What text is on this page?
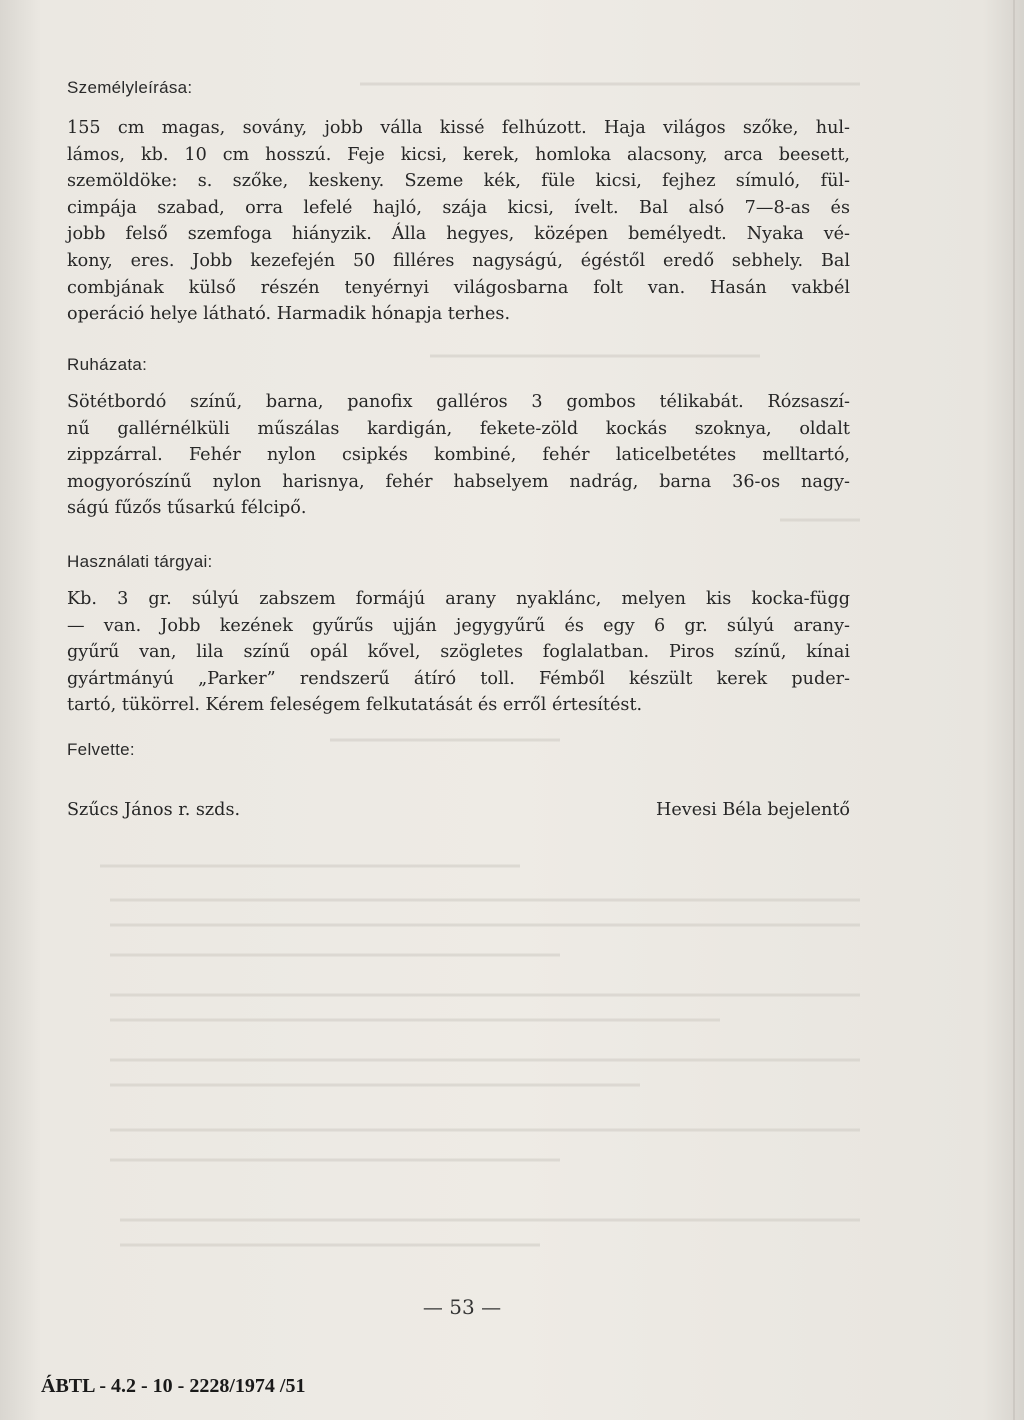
Személyleírása:
155 cm magas, sovány, jobb válla kissé felhúzott. Haja világos szőke, hul-
lámos, kb. 10 cm hosszú. Feje kicsi, kerek, homloka alacsony, arca beesett,
szemöldöke: s. szőke, keskeny. Szeme kék, füle kicsi, fejhez símuló, fül-
cimpája szabad, orra lefelé hajló, szája kicsi, ívelt. Bal alsó 7—8-as és
jobb felső szemfoga hiányzik. Álla hegyes, középen bemélyedt. Nyaka vé-
kony, eres. Jobb kezefején 50 filléres nagyságú, égéstől eredő sebhely. Bal
combjának külső részén tenyérnyi világosbarna folt van. Hasán vakbél
operáció helye látható. Harmadik hónapja terhes.
Ruházata:
Sötétbordó színű, barna, panofix galléros 3 gombos télikabát. Rózsaszí-
nű gallérnélküli műszálas kardigán, fekete-zöld kockás szoknya, oldalt
zippzárral. Fehér nylon csipkés kombiné, fehér laticelbetétes melltartó,
mogyorószínű nylon harisnya, fehér habselyem nadrág, barna 36-os nagy-
ságú fűzős tűsarkú félcipő.
Használati tárgyai:
Kb. 3 gr. súlyú zabszem formájú arany nyaklánc, melyen kis kocka-függ
— van. Jobb kezének gyűrűs ujján jegygyűrű és egy 6 gr. súlyú arany-
gyűrű van, lila színű opál kővel, szögletes foglalatban. Piros színű, kínai
gyártmányú „Parker” rendszerű átíró toll. Fémből készült kerek puder-
tartó, tükörrel. Kérem feleségem felkutatását és erről értesítést.
Felvette:
Szűcs János r. szds.	Hevesi Béla bejelentő
— 53 —
ÁBTL - 4.2 - 10 - 2228/1974 /51
